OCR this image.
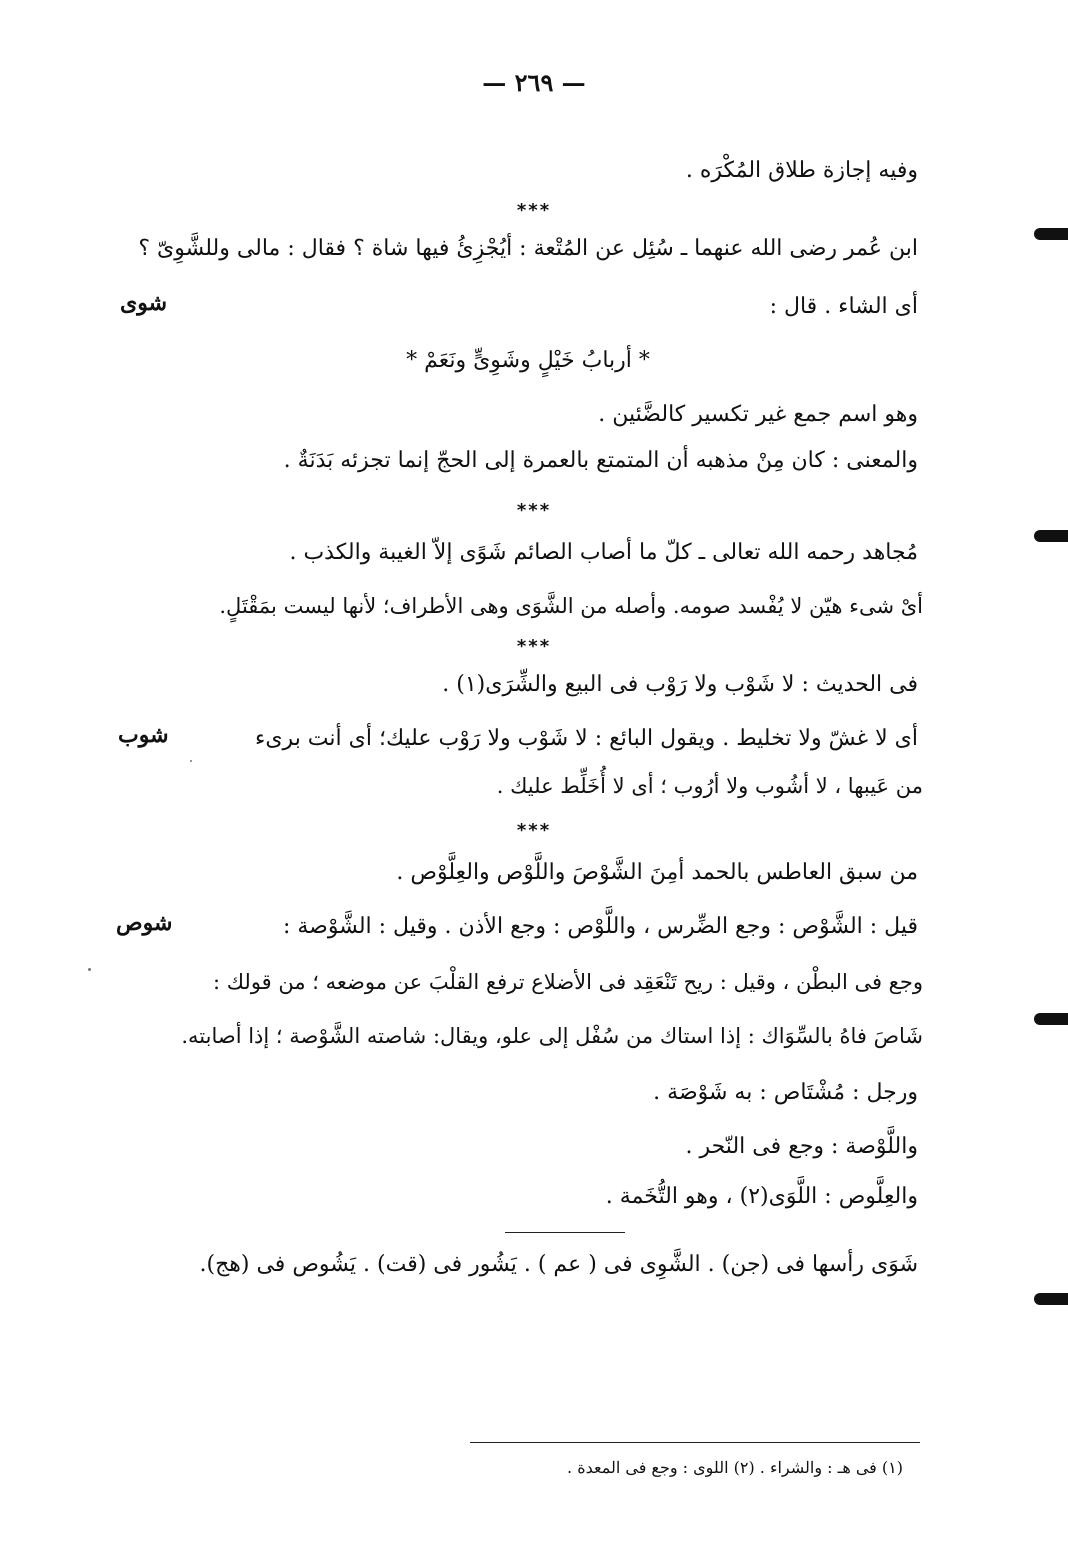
— ٢٦٩ —
وفيه إجازة طلاق المُكْرَه .
***
ابن عُمر رضى الله عنهما ـ سُئِل عن المُتْعة : أيُجْزِئُ فيها شاة ؟ فقال : مالى وللشَّوِىّ ؟
أى الشاء . قال :
* أربابُ خَيْلٍ وشَوِىٍّ ونَعَمْ *
وهو اسم جمع غير تكسير كالضَّئين .
والمعنى : كان مِنْ مذهبه أن المتمتع بالعمرة إلى الحجّ إنما تجزئه بَدَنَةٌ .
***
مُجاهد رحمه الله تعالى ـ كلّ ما أصاب الصائم شَوًى إلاّ الغيبة والكذب .
أىْ شىء هيّن لا يُفْسد صومه. وأصله من الشَّوَى وهى الأطراف؛ لأنها ليست بمَقْتَلٍ.
***
فى الحديث : لا شَوْب ولا رَوْب فى البيع والشِّرَى(١) .
أى لا غشّ ولا تخليط . ويقول البائع : لا شَوْب ولا رَوْب عليك؛ أى أنت برىء
من عَيبها ، لا أشُوب ولا أرُوب ؛ أى لا أُخَلِّط عليك .
***
من سبق العاطس بالحمد أمِنَ الشَّوْصَ واللَّوْص والعِلَّوْص .
قيل : الشَّوْص : وجع الضِّرس ، واللَّوْص : وجع الأذن . وقيل : الشَّوْصة :
وجع فى البطْن ، وقيل : ريح تَنْعَقِد فى الأضلاع ترفع القلْبَ عن موضعه ؛ من قولك :
شَاصَ فاهُ بالسِّوَاك : إذا استاك من سُفْل إلى علو، ويقال: شاصته الشَّوْصة ؛ إذا أصابته.
ورجل : مُشْتَاص : به شَوْصَة .
واللَّوْصة : وجع فى النّحر .
والعِلَّوص : اللَّوَى(٢) ، وهو التُّخَمة .
شَوَى رأسها فى (جن) . الشَّوِى فى ( عم ) . يَشُور فى (قت) . يَشُوص فى (هج).
شوى
شوب
شوص
(١) فى هـ : والشراء . (٢) اللوى : وجع فى المعدة .
